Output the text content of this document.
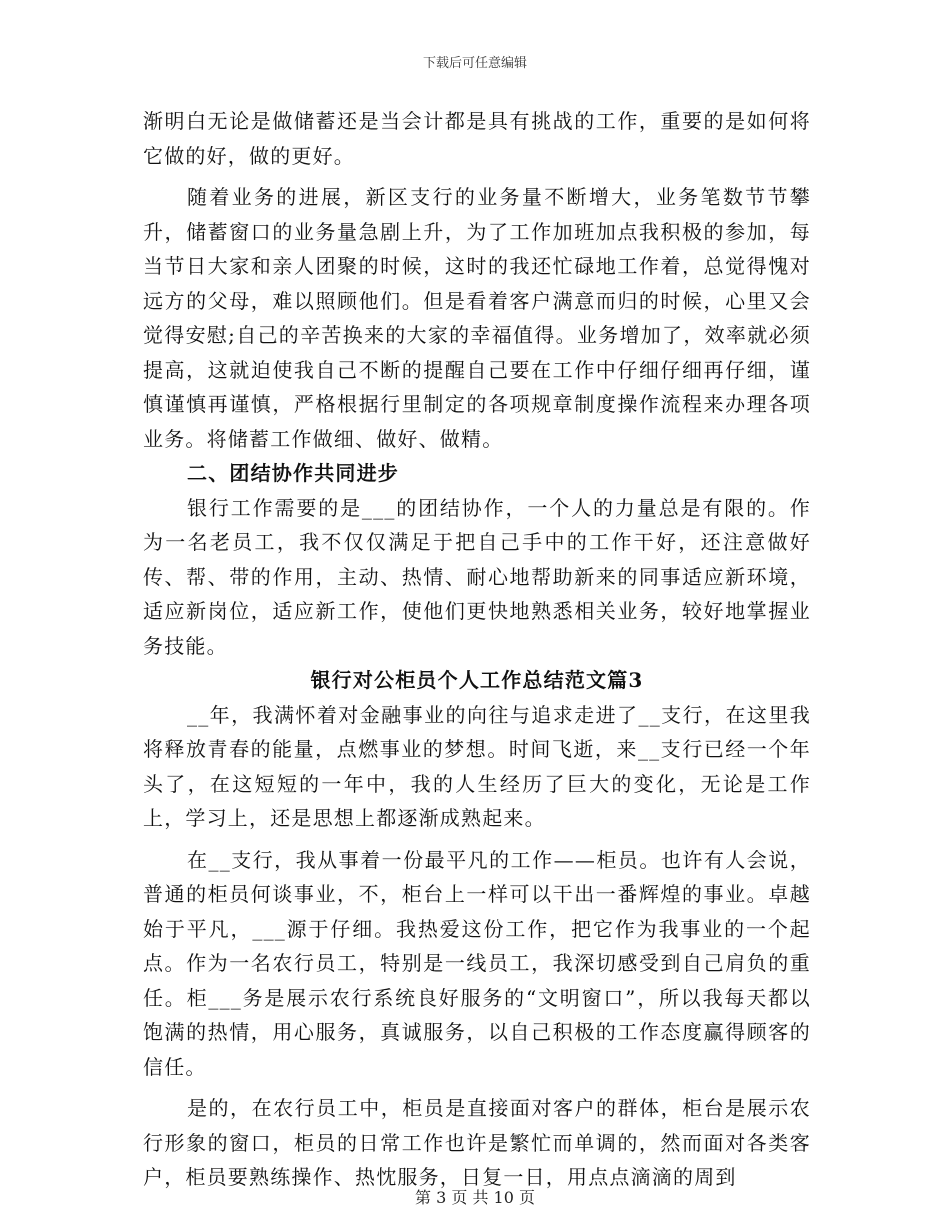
下载后可任意编辑

渐明白无论是做储蓄还是当会计都是具有挑战的工作，重要的是如何将它做的好，做的更好。

随着业务的进展，新区支行的业务量不断增大，业务笔数节节攀升，储蓄窗口的业务量急剧上升，为了工作加班加点我积极的参加，每当节日大家和亲人团聚的时候，这时的我还忙碌地工作着，总觉得愧对远方的父母，难以照顾他们。但是看着客户满意而归的时候，心里又会觉得安慰;自己的辛苦换来的大家的幸福值得。业务增加了，效率就必须提高，这就迫使我自己不断的提醒自己要在工作中仔细仔细再仔细，谨慎谨慎再谨慎，严格根据行里制定的各项规章制度操作流程来办理各项业务。将储蓄工作做细、做好、做精。

二、团结协作共同进步

银行工作需要的是___的团结协作，一个人的力量总是有限的。作为一名老员工，我不仅仅满足于把自己手中的工作干好，还注意做好传、帮、带的作用，主动、热情、耐心地帮助新来的同事适应新环境，适应新岗位，适应新工作，使他们更快地熟悉相关业务，较好地掌握业务技能。

银行对公柜员个人工作总结范文篇3

__年，我满怀着对金融事业的向往与追求走进了__支行，在这里我将释放青春的能量，点燃事业的梦想。时间飞逝，来__支行已经一个年头了，在这短短的一年中，我的人生经历了巨大的变化，无论是工作上，学习上，还是思想上都逐渐成熟起来。

在__支行，我从事着一份最平凡的工作——柜员。也许有人会说，普通的柜员何谈事业，不，柜台上一样可以干出一番辉煌的事业。卓越始于平凡，___源于仔细。我热爱这份工作，把它作为我事业的一个起点。作为一名农行员工，特别是一线员工，我深切感受到自己肩负的重任。柜___务是展示农行系统良好服务的“文明窗口”，所以我每天都以饱满的热情，用心服务，真诚服务，以自己积极的工作态度赢得顾客的信任。

是的，在农行员工中，柜员是直接面对客户的群体，柜台是展示农行形象的窗口，柜员的日常工作也许是繁忙而单调的，然而面对各类客户，柜员要熟练操作、热忱服务，日复一日，用点点滴滴的周到

第 3 页 共 10 页
